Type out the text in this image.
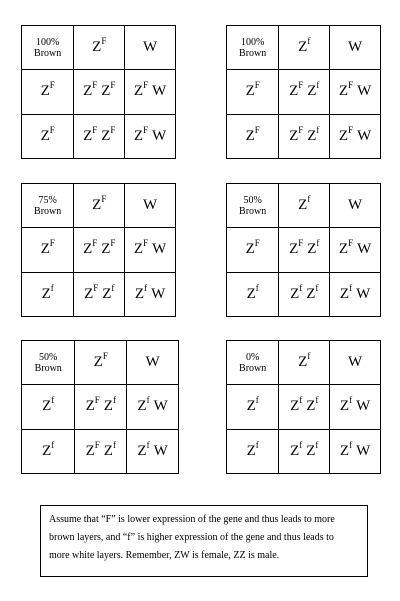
100%
Brown	$Z^F$	W
$Z^F$	$Z^F$ $Z^F$	$Z^F$ W
$Z^F$	$Z^F$ $Z^F$	$Z^F$ W
100%
Brown	$Z^f$	W
$Z^F$	$Z^F$ $Z^f$	$Z^F$ W
$Z^F$	$Z^F$ $Z^f$	$Z^F$ W
75%
Brown	$Z^F$	W
$Z^F$	$Z^F$ $Z^F$	$Z^F$ W
$Z^f$	$Z^F$ $Z^f$	$Z^f$ W
50%
Brown	$Z^f$	W
$Z^F$	$Z^F$ $Z^f$	$Z^F$ W
$Z^f$	$Z^f$ $Z^f$	$Z^f$ W
50%
Brown	$Z^F$	W
$Z^f$	$Z^F$ $Z^f$	$Z^f$ W
$Z^f$	$Z^F$ $Z^f$	$Z^f$ W
0%
Brown	$Z^f$	W
$Z^f$	$Z^f$ $Z^f$	$Z^f$ W
$Z^f$	$Z^f$ $Z^f$	$Z^f$ W
Assume that “F” is lower expression of the gene and thus leads to more
brown layers, and “f” is higher expression of the gene and thus leads to
more white layers. Remember, ZW is female, ZZ is male.
